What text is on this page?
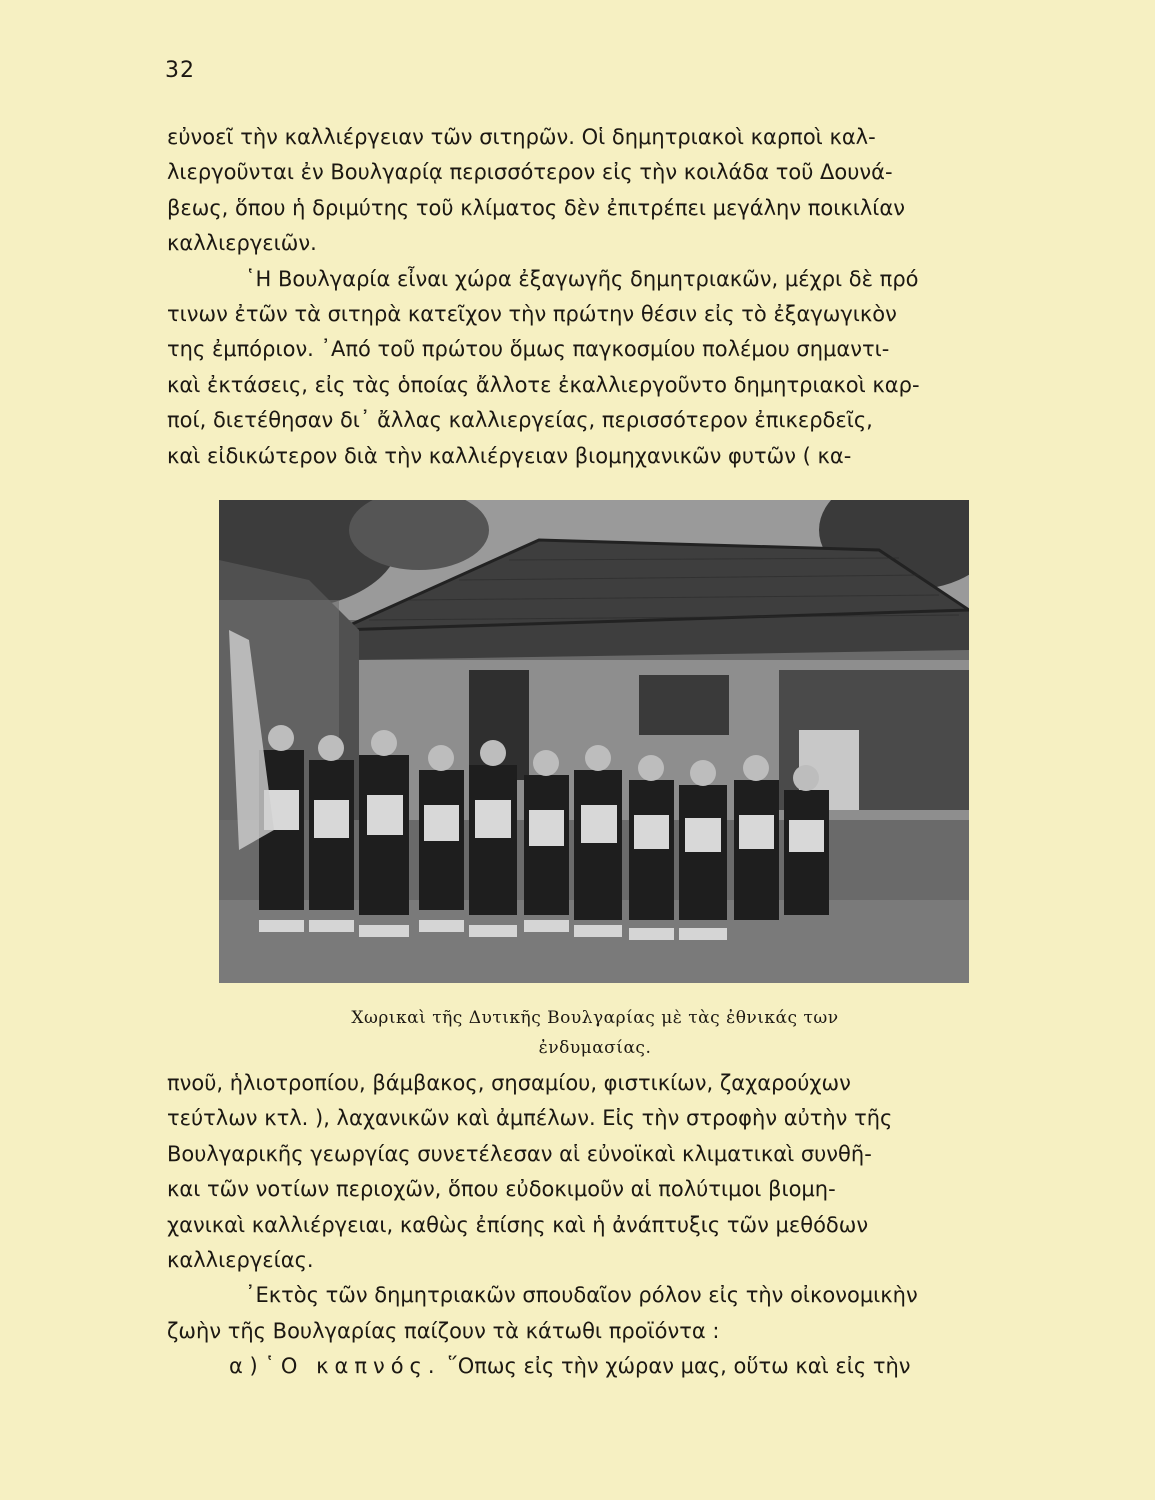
32

εὐνοεῖ τὴν καλλιέργειαν τῶν σιτηρῶν. Οἱ δημητριακοὶ καρποὶ καλ-
λιεργοῦνται ἐν Βουλγαρίᾳ περισσότερον εἰς τὴν κοιλάδα τοῦ Δουνά-
βεως, ὅπου ἡ δριμύτης τοῦ κλίματος δὲν ἐπιτρέπει μεγάλην ποικιλίαν
καλλιεργειῶν.

῾Η Βουλγαρία εἶναι χώρα ἐξαγωγῆς δημητριακῶν, μέχρι δὲ πρό
τινων ἐτῶν τὰ σιτηρὰ κατεῖχον τὴν πρώτην θέσιν εἰς τὸ ἐξαγωγικὸν
της ἐμπόριον. ᾿Από τοῦ πρώτου ὅμως παγκοσμίου πολέμου σημαντι-
καὶ ἐκτάσεις, εἰς τὰς ὁποίας ἄλλοτε ἐκαλλιεργοῦντο δημητριακοὶ καρ-
ποί, διετέθησαν δι᾽ ἄλλας καλλιεργείας, περισσότερον ἐπικερδεῖς,
καὶ εἰδικώτερον διὰ τὴν καλλιέργειαν βιομηχανικῶν φυτῶν ( κα-

Χωρικαὶ τῆς Δυτικῆς Βουλγαρίας μὲ τὰς ἐθνικάς των
ἐνδυμασίας.

πνοῦ, ἡλιοτροπίου, βάμβακος, σησαμίου, φιστικίων, ζαχαρούχων
τεύτλων κτλ. ), λαχανικῶν καὶ ἀμπέλων. Εἰς τὴν στροφὴν αὐτὴν τῆς
Βουλγαρικῆς γεωργίας συνετέλεσαν αἱ εὐνοϊκαὶ κλιματικαὶ συνθῆ-
και τῶν νοτίων περιοχῶν, ὅπου εὐδοκιμοῦν αἱ πολύτιμοι βιομη-
χανικαὶ καλλιέργειαι, καθὼς ἐπίσης καὶ ἡ ἀνάπτυξις τῶν μεθόδων
καλλιεργείας.

᾿Εκτὸς τῶν δημητριακῶν σπουδαῖον ρόλον εἰς τὴν οἰκονομικὴν
ζωὴν τῆς Βουλγαρίας παίζουν τὰ κάτωθι προϊόντα :

α ) ῾Ο καπνός. ῞Οπως εἰς τὴν χώραν μας, οὕτω καὶ εἰς τὴν
